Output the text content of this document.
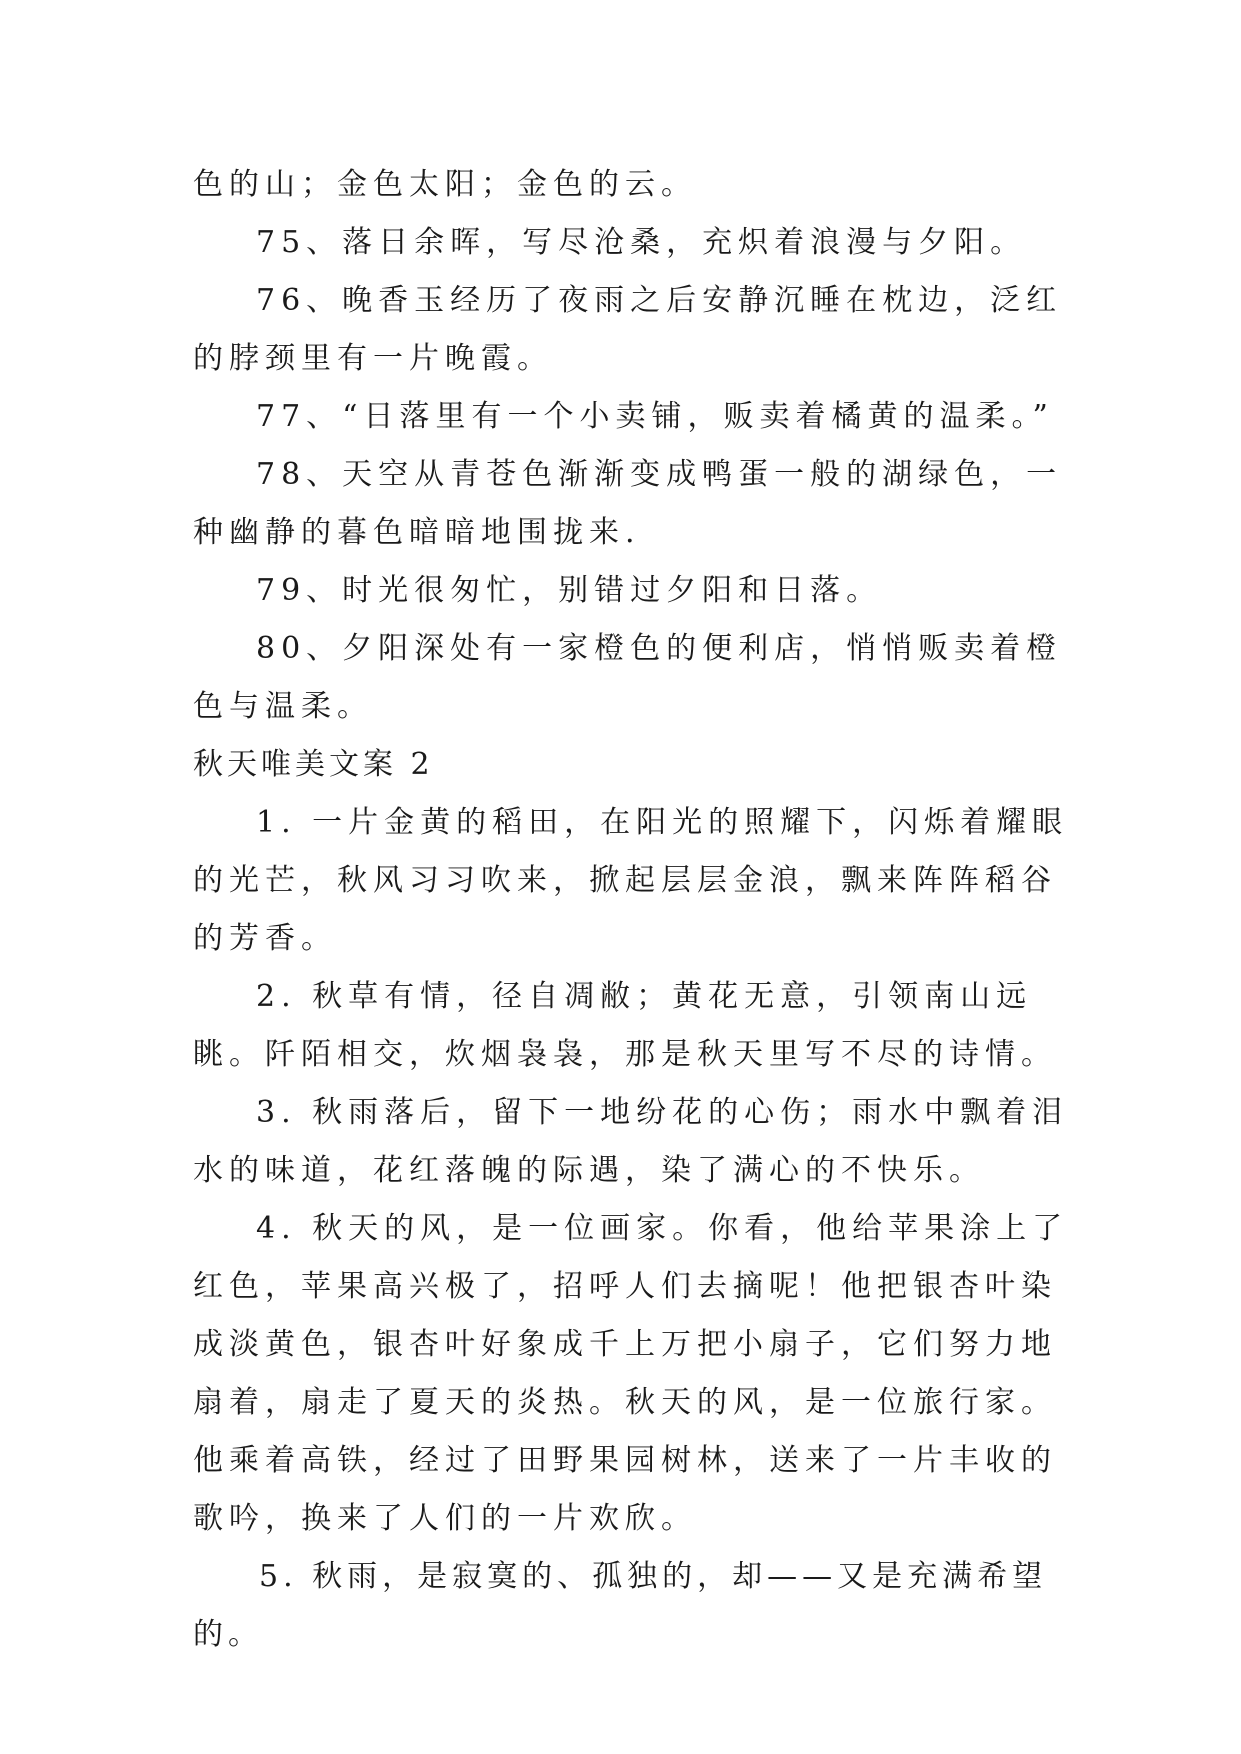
色的山；金色太阳；金色的云。

75、落日余晖，写尽沧桑，充炽着浪漫与夕阳。

76、晚香玉经历了夜雨之后安静沉睡在枕边，泛红的脖颈里有一片晚霞。

77、“日落里有一个小卖铺，贩卖着橘黄的温柔。”

78、天空从青苍色渐渐变成鸭蛋一般的湖绿色，一种幽静的暮色暗暗地围拢来.

79、时光很匆忙，别错过夕阳和日落。

80、夕阳深处有一家橙色的便利店，悄悄贩卖着橙色与温柔。

秋天唯美文案 2

1. 一片金黄的稻田，在阳光的照耀下，闪烁着耀眼的光芒，秋风习习吹来，掀起层层金浪，飘来阵阵稻谷的芳香。

2. 秋草有情，径自凋敝；黄花无意，引领南山远眺。阡陌相交，炊烟袅袅，那是秋天里写不尽的诗情。

3. 秋雨落后，留下一地纷花的心伤；雨水中飘着泪水的味道，花红落魄的际遇，染了满心的不快乐。

4. 秋天的风，是一位画家。你看，他给苹果涂上了红色，苹果高兴极了，招呼人们去摘呢！他把银杏叶染成淡黄色，银杏叶好象成千上万把小扇子，它们努力地扇着，扇走了夏天的炎热。秋天的风，是一位旅行家。他乘着高铁，经过了田野果园树林，送来了一片丰收的歌吟，换来了人们的一片欢欣。

5. 秋雨，是寂寞的、孤独的，却——又是充满希望的。
